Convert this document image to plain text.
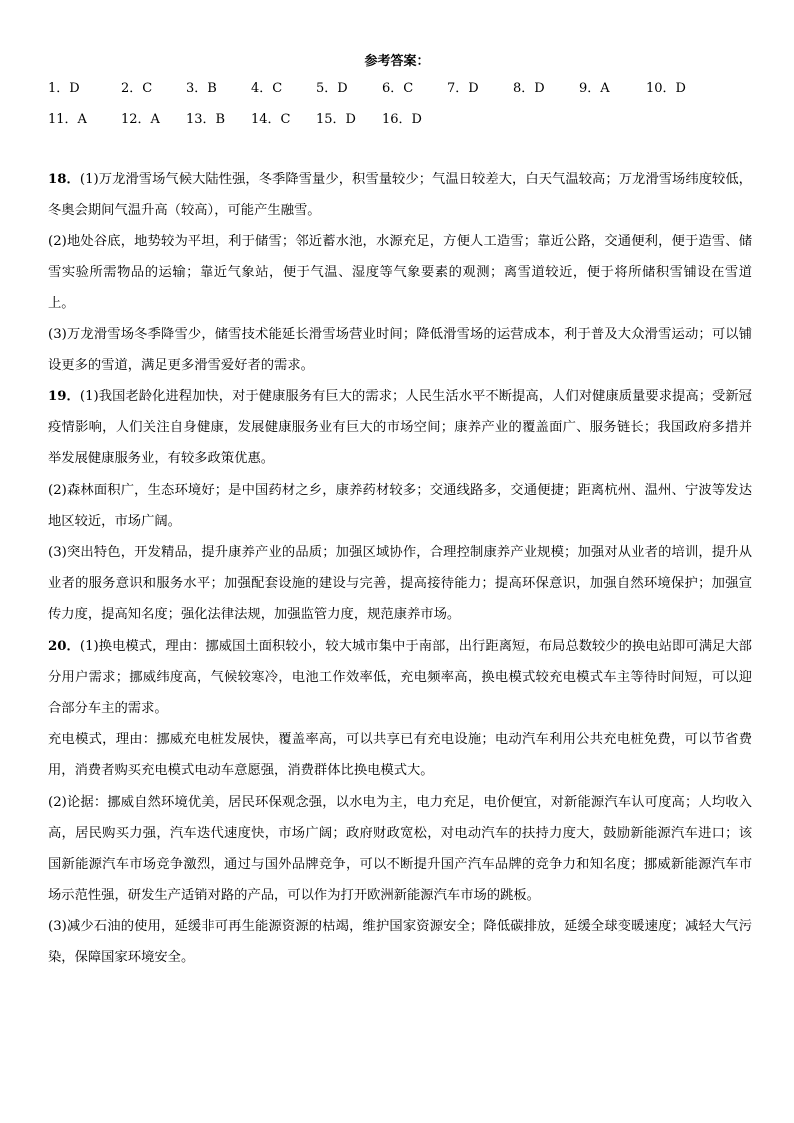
参考答案：
1．D	2．C	3．B	4．C	5．D	6．C	7．D	8．D	9．A	10．D
11．A	12．A 13．B 14．C 15．D 16．D
18．(1)万龙滑雪场气候大陆性强，冬季降雪量少，积雪量较少；气温日较差大，白天气温较高；万龙滑雪场纬度较低，冬奥会期间气温升高（较高），可能产生融雪。
(2)地处谷底，地势较为平坦，利于储雪；邻近蓄水池，水源充足，方便人工造雪；靠近公路，交通便利，便于造雪、储雪实验所需物品的运输；靠近气象站，便于气温、湿度等气象要素的观测；离雪道较近，便于将所储积雪铺设在雪道上。
(3)万龙滑雪场冬季降雪少，储雪技术能延长滑雪场营业时间；降低滑雪场的运营成本，利于普及大众滑雪运动；可以铺设更多的雪道，满足更多滑雪爱好者的需求。
19．(1)我国老龄化进程加快，对于健康服务有巨大的需求；人民生活水平不断提高，人们对健康质量要求提高；受新冠疫情影响，人们关注自身健康，发展健康服务业有巨大的市场空间；康养产业的覆盖面广、服务链长；我国政府多措并举发展健康服务业，有较多政策优惠。
(2)森林面积广，生态环境好；是中国药材之乡，康养药材较多；交通线路多，交通便捷；距离杭州、温州、宁波等发达地区较近，市场广阔。
(3)突出特色，开发精品，提升康养产业的品质；加强区域协作，合理控制康养产业规模；加强对从业者的培训，提升从业者的服务意识和服务水平；加强配套设施的建设与完善，提高接待能力；提高环保意识，加强自然环境保护；加强宣传力度，提高知名度；强化法律法规，加强监管力度，规范康养市场。
20．(1)换电模式，理由：挪威国土面积较小，较大城市集中于南部，出行距离短，布局总数较少的换电站即可满足大部分用户需求；挪威纬度高，气候较寒冷，电池工作效率低，充电频率高，换电模式较充电模式车主等待时间短，可以迎合部分车主的需求。
充电模式，理由：挪威充电桩发展快，覆盖率高，可以共享已有充电设施；电动汽车利用公共充电桩免费，可以节省费用，消费者购买充电模式电动车意愿强，消费群体比换电模式大。
(2)论据：挪威自然环境优美，居民环保观念强，以水电为主，电力充足，电价便宜，对新能源汽车认可度高；人均收入高，居民购买力强，汽车迭代速度快，市场广阔；政府财政宽松，对电动汽车的扶持力度大，鼓励新能源汽车进口；该国新能源汽车市场竞争激烈，通过与国外品牌竞争，可以不断提升国产汽车品牌的竞争力和知名度；挪威新能源汽车市场示范性强，研发生产适销对路的产品，可以作为打开欧洲新能源汽车市场的跳板。
(3)减少石油的使用，延缓非可再生能源资源的枯竭，维护国家资源安全；降低碳排放，延缓全球变暖速度；减轻大气污染，保障国家环境安全。
